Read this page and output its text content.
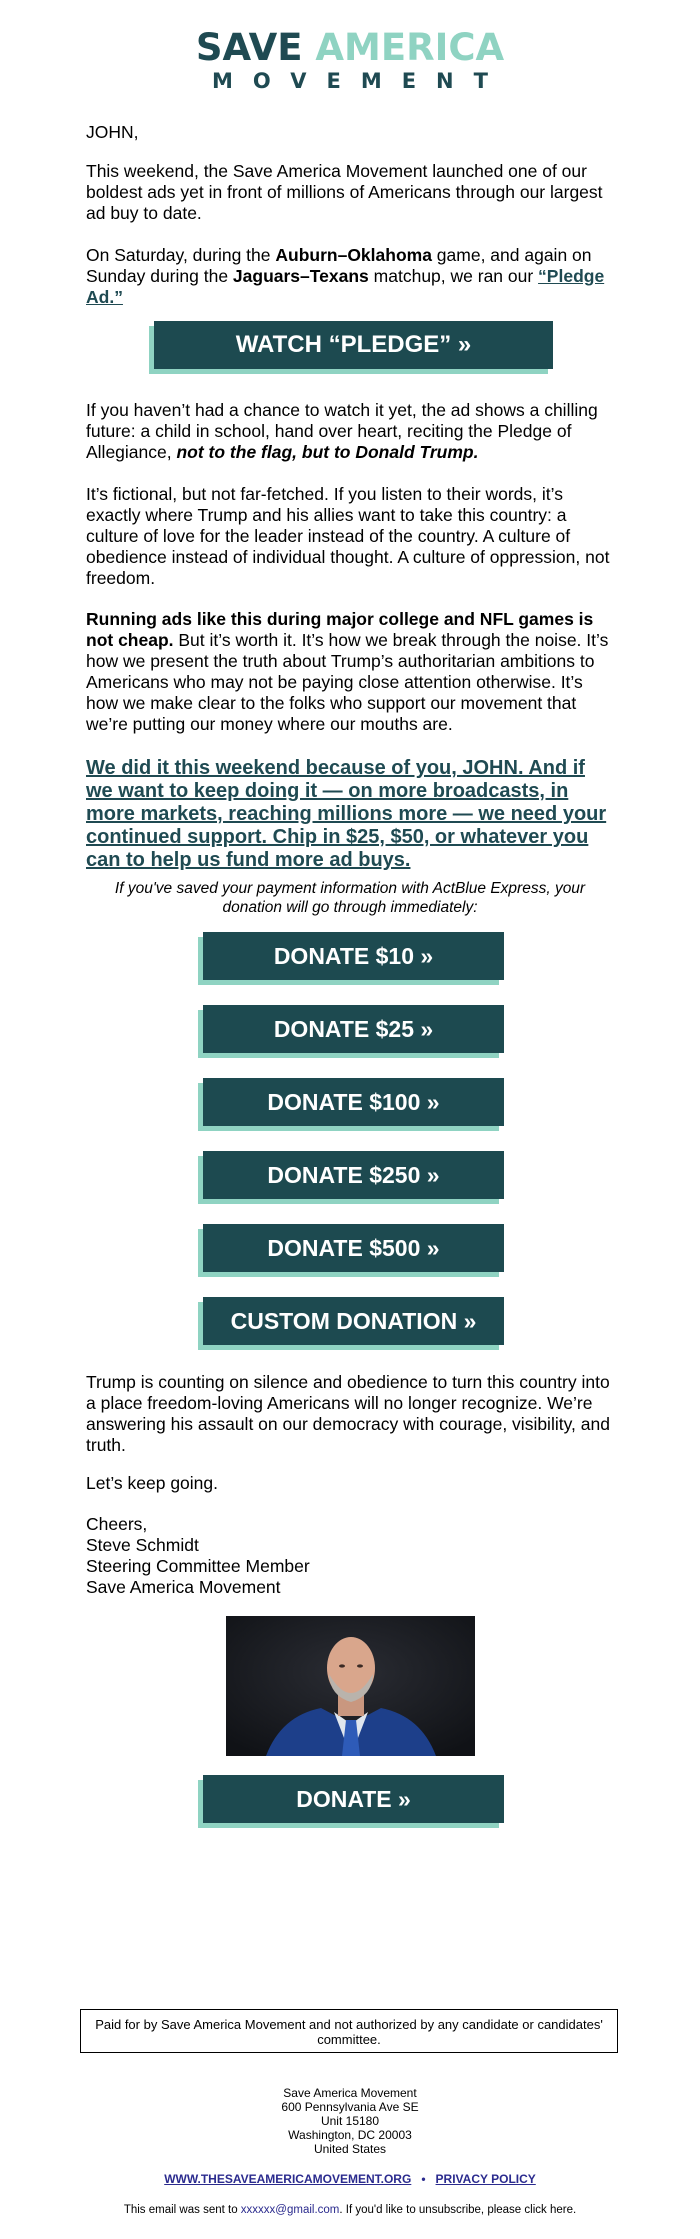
SAVE AMERICA
MOVEMENT

JOHN,

This weekend, the Save America Movement launched one of our boldest ads yet in front of millions of Americans through our largest ad buy to date.

On Saturday, during the Auburn–Oklahoma game, and again on Sunday during the Jaguars–Texans matchup, we ran our “Pledge Ad.”

WATCH “PLEDGE” »

If you haven’t had a chance to watch it yet, the ad shows a chilling future: a child in school, hand over heart, reciting the Pledge of Allegiance, not to the flag, but to Donald Trump.

It’s fictional, but not far-fetched. If you listen to their words, it’s exactly where Trump and his allies want to take this country: a culture of love for the leader instead of the country. A culture of obedience instead of individual thought. A culture of oppression, not freedom.

Running ads like this during major college and NFL games is not cheap. But it’s worth it. It’s how we break through the noise. It’s how we present the truth about Trump’s authoritarian ambitions to Americans who may not be paying close attention otherwise. It’s how we make clear to the folks who support our movement that we’re putting our money where our mouths are.

We did it this weekend because of you, JOHN. And if we want to keep doing it — on more broadcasts, in more markets, reaching millions more — we need your continued support. Chip in $25, $50, or whatever you can to help us fund more ad buys.

If you've saved your payment information with ActBlue Express, your donation will go through immediately:
DONATE $10 »
DONATE $25 »
DONATE $100 »
DONATE $250 »
DONATE $500 »
CUSTOM DONATION »

Trump is counting on silence and obedience to turn this country into a place freedom-loving Americans will no longer recognize. We’re answering his assault on our democracy with courage, visibility, and truth.

Let’s keep going.

Cheers,

Steve Schmidt

Steering Committee Member

Save America Movement

DONATE »
Paid for by Save America Movement and not authorized by any candidate or candidates' committee.
Save America Movement
600 Pennsylvania Ave SE
Unit 15180
Washington, DC 20003
United States
WWW.THESAVEAMERICAMOVEMENT.ORG • PRIVACY POLICY
This email was sent to xxxxxx@gmail.com. If you'd like to unsubscribe, please click here.
